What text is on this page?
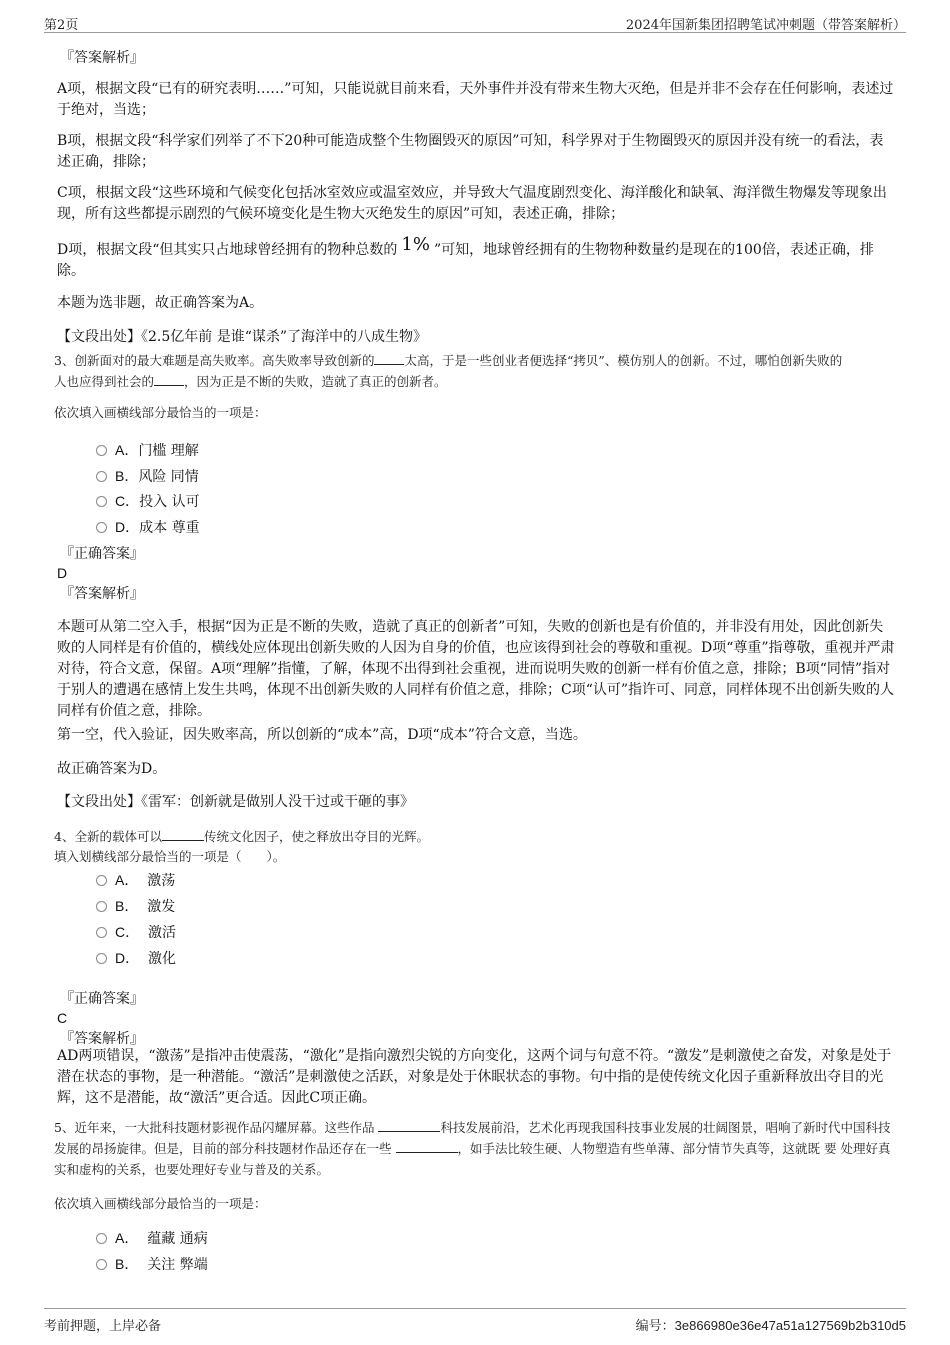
第2页	2024年国新集团招聘笔试冲刺题（带答案解析）
『答案解析』

A项，根据文段“已有的研究表明……”可知，只能说就目前来看，天外事件并没有带来生物大灭绝，但是并非不会存在任何影响，表述过于绝对，当选；

B项，根据文段“科学家们列举了不下20种可能造成整个生物圈毁灭的原因”可知，科学界对于生物圈毁灭的原因并没有统一的看法，表述正确，排除；

C项，根据文段“这些环境和气候变化包括冰室效应或温室效应，并导致大气温度剧烈变化、海洋酸化和缺氧、海洋微生物爆发等现象出现，所有这些都提示剧烈的气候环境变化是生物大灭绝发生的原因”可知，表述正确，排除；

D项，根据文段“但其实只占地球曾经拥有的物种总数的 1% ”可知，地球曾经拥有的生物物种数量约是现在的100倍，表述正确，排除。

本题为选非题，故正确答案为A。

【文段出处】《2.5亿年前 是谁“谋杀”了海洋中的八成生物》

3、创新面对的最大难题是高失败率。高失败率导致创新的 太高，于是一些创业者便选择“拷贝”、模仿别人的创新。不过，哪怕创新失败的
人也应得到社会的 ，因为正是不断的失败，造就了真正的创新者。

依次填入画横线部分最恰当的一项是：

A．门槛 理解
B．风险 同情
C．投入 认可
D．成本 尊重
『正确答案』
D
『答案解析』

本题可从第二空入手，根据“因为正是不断的失败，造就了真正的创新者”可知，失败的创新也是有价值的，并非没有用处，因此创新失败的人同样是有价值的，横线处应体现出创新失败的人因为自身的价值，也应该得到社会的尊敬和重视。D项“尊重”指尊敬，重视并严肃对待，符合文意，保留。A项“理解”指懂，了解，体现不出得到社会重视，进而说明失败的创新一样有价值之意，排除；B项“同情”指对于别人的遭遇在感情上发生共鸣，体现不出创新失败的人同样有价值之意，排除；C项“认可”指许可、同意，同样体现不出创新失败的人同样有价值之意，排除。

第一空，代入验证，因失败率高，所以创新的“成本”高，D项“成本”符合文意，当选。

故正确答案为D。

【文段出处】《雷军：创新就是做别人没干过或干砸的事》

4、全新的载体可以	传统文化因子，使之释放出夺目的光辉。

填入划横线部分最恰当的一项是（　　）。

A． 激荡
B． 激发
C． 激活
D． 激化
『正确答案』
C
『答案解析』

AD两项错误，“激荡”是指冲击使震荡，“激化”是指向激烈尖锐的方向变化，这两个词与句意不符。“激发”是刺激使之奋发，对象是处于潜在状态的事物，是一种潜能。“激活”是刺激使之活跃，对象是处于休眠状态的事物。句中指的是使传统文化因子重新释放出夺目的光辉，这不是潜能，故“激活”更合适。因此C项正确。

5、近年来，一大批科技题材影视作品闪耀屏幕。这些作品	科技发展前沿，艺术化再现我国科技事业发展的壮阔图景，唱响了新时代中国科技发展的昂扬旋律。但是，目前的部分科技题材作品还存在一些	，如手法比较生硬、人物塑造有些单薄、部分情节失真等，这就既 要 处理好真实和虚构的关系，也要处理好专业与普及的关系。

依次填入画横线部分最恰当的一项是：

A． 蕴藏 通病
B． 关注 弊端
考前押题，上岸必备	编号：3e866980e36e47a51a127569b2b310d5
